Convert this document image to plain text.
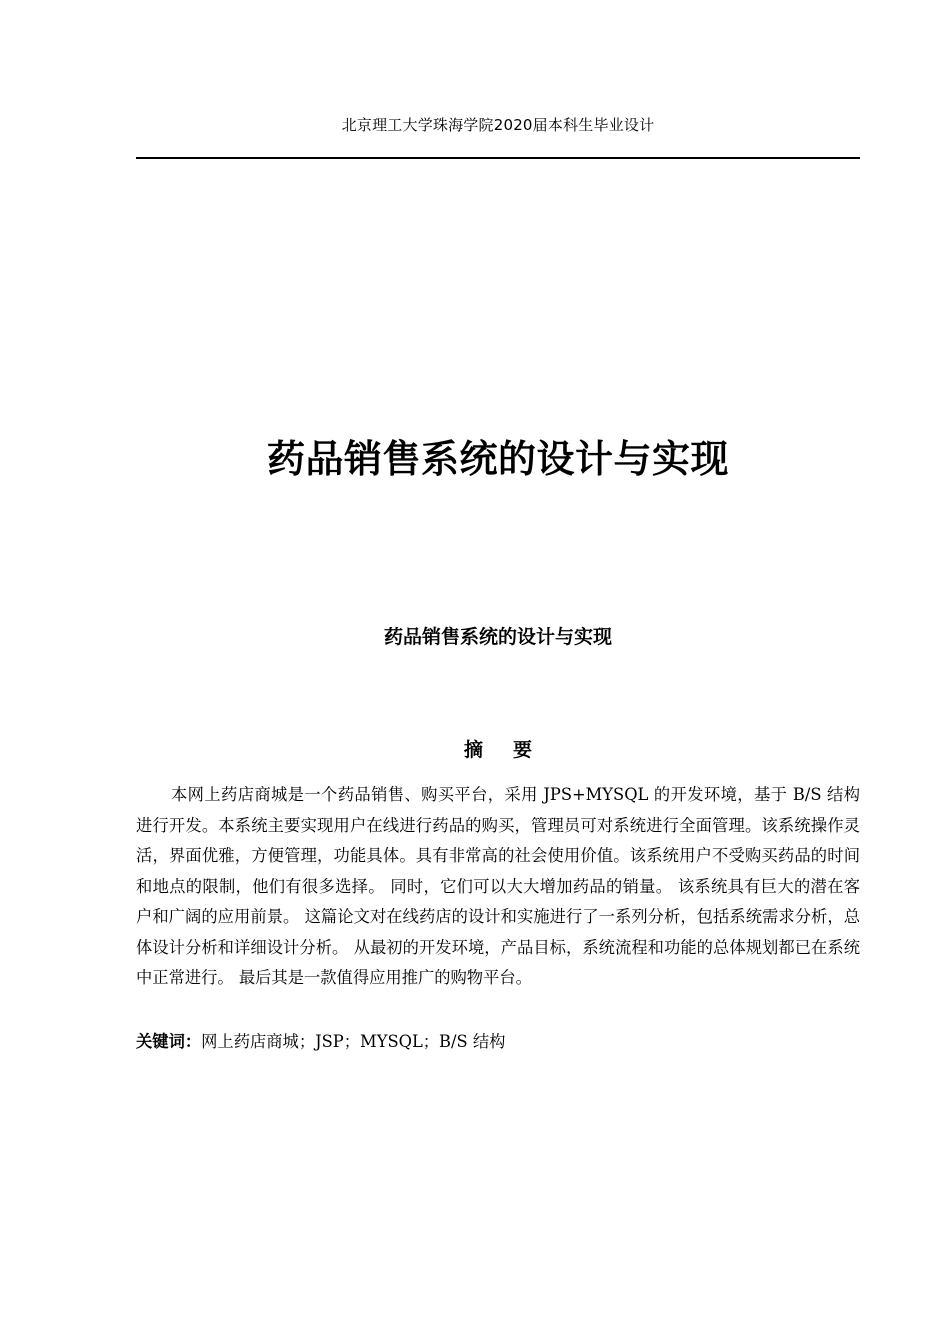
北京理工大学珠海学院2020届本科生毕业设计
药品销售系统的设计与实现
药品销售系统的设计与实现
摘要

本网上药店商城是一个药品销售、购买平台，采用 JPS+MYSQL 的开发环境，基于 B/S 结构进行开发。本系统主要实现用户在线进行药品的购买，管理员可对系统进行全面管理。该系统操作灵活，界面优雅，方便管理，功能具体。具有非常高的社会使用价值。该系统用户不受购买药品的时间和地点的限制，他们有很多选择。 同时，它们可以大大增加药品的销量。 该系统具有巨大的潜在客户和广阔的应用前景。 这篇论文对在线药店的设计和实施进行了一系列分析，包括系统需求分析，总体设计分析和详细设计分析。 从最初的开发环境，产品目标，系统流程和功能的总体规划都已在系统中正常进行。 最后其是一款值得应用推广的购物平台。

关键词：网上药店商城；JSP；MYSQL；B/S 结构
